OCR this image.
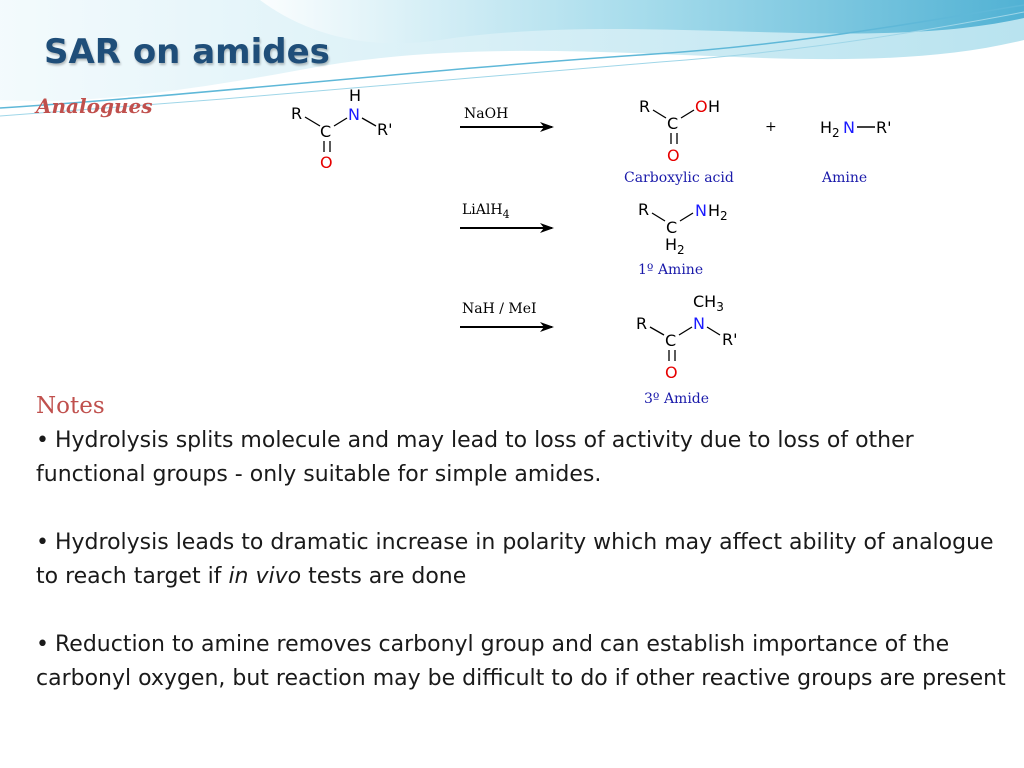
SAR on amides
Analogues	R
C
H
N
R'
O
NaOH
LiAlH$_4$
NaH / MeI
R
C
O H
O
Carboxylic acid
+	$H_2$ N R'
Amine
R
C
N $H_2$
$H_2$
1º Amine
$CH_3$
R
C
N
R'
O
3º Amide
Notes

• Hydrolysis splits molecule and may lead to loss of activity due to loss of other functional groups - only suitable for simple amides.

• Hydrolysis leads to dramatic increase in polarity which may affect ability of analogue to reach target if in vivo tests are done

• Reduction to amine removes carbonyl group and can establish importance of the carbonyl oxygen, but reaction may be difficult to do if other reactive groups are present
